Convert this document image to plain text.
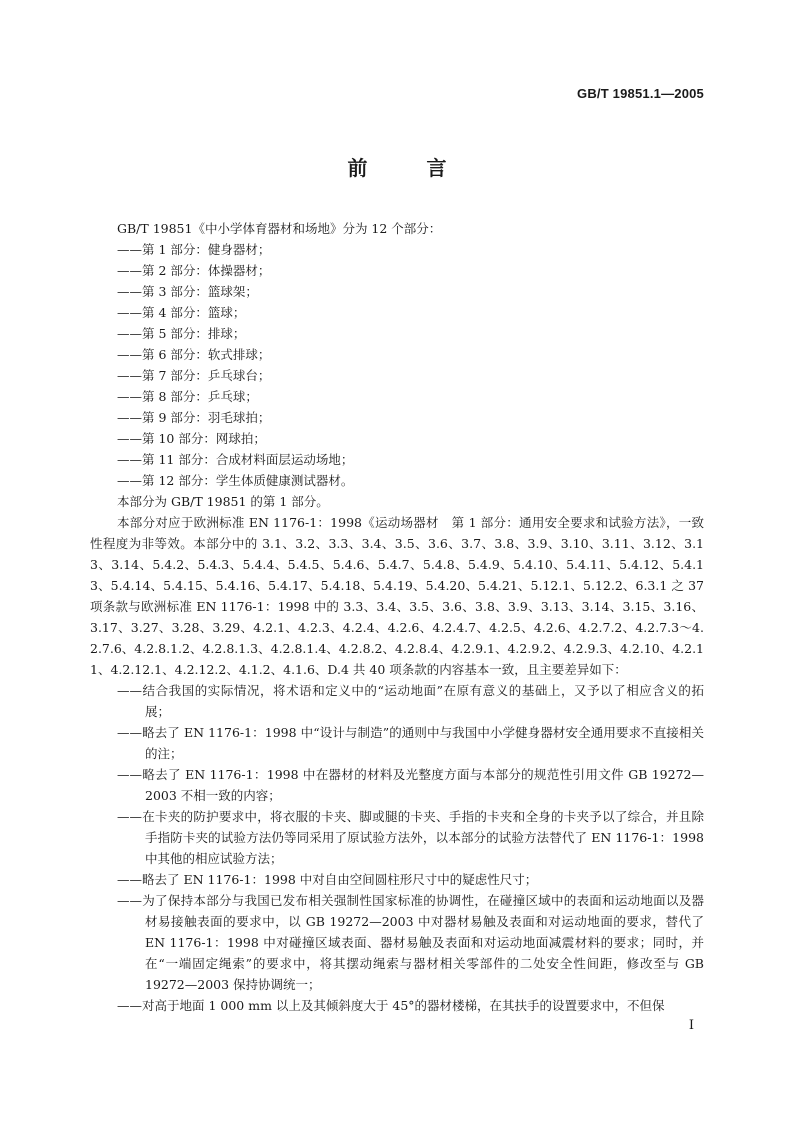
GB/T 19851.1—2005
前 言

GB/T 19851《中小学体育器材和场地》分为 12 个部分：

——第 1 部分：健身器材；

——第 2 部分：体操器材；

——第 3 部分：篮球架；

——第 4 部分：篮球；

——第 5 部分：排球；

——第 6 部分：软式排球；

——第 7 部分：乒乓球台；

——第 8 部分：乒乓球；

——第 9 部分：羽毛球拍；

——第 10 部分：网球拍；

——第 11 部分：合成材料面层运动场地；

——第 12 部分：学生体质健康测试器材。

本部分为 GB/T 19851 的第 1 部分。

本部分对应于欧洲标准 EN 1176-1：1998《运动场器材　第 1 部分：通用安全要求和试验方法》，一致性程度为非等效。本部分中的 3.1、3.2、3.3、3.4、3.5、3.6、3.7、3.8、3.9、3.10、3.11、3.12、3.13、3.14、5.4.2、5.4.3、5.4.4、5.4.5、5.4.6、5.4.7、5.4.8、5.4.9、5.4.10、5.4.11、5.4.12、5.4.13、5.4.14、5.4.15、5.4.16、5.4.17、5.4.18、5.4.19、5.4.20、5.4.21、5.12.1、5.12.2、6.3.1 之 37 项条款与欧洲标准 EN 1176-1：1998 中的 3.3、3.4、3.5、3.6、3.8、3.9、3.13、3.14、3.15、3.16、3.17、3.27、3.28、3.29、4.2.1、4.2.3、4.2.4、4.2.6、4.2.4.7、4.2.5、4.2.6、4.2.7.2、4.2.7.3～4.2.7.6、4.2.8.1.2、4.2.8.1.3、4.2.8.1.4、4.2.8.2、4.2.8.4、4.2.9.1、4.2.9.2、4.2.9.3、4.2.10、4.2.11、4.2.12.1、4.2.12.2、4.1.2、4.1.6、D.4 共 40 项条款的内容基本一致，且主要差异如下：

——结合我国的实际情况，将术语和定义中的“运动地面”在原有意义的基础上，又予以了相应含义的拓展；

——略去了 EN 1176-1：1998 中“设计与制造”的通则中与我国中小学健身器材安全通用要求不直接相关的注；

——略去了 EN 1176-1：1998 中在器材的材料及光整度方面与本部分的规范性引用文件 GB 19272—2003 不相一致的内容；

——在卡夹的防护要求中，将衣服的卡夹、脚或腿的卡夹、手指的卡夹和全身的卡夹予以了综合，并且除手指防卡夹的试验方法仍等同采用了原试验方法外，以本部分的试验方法替代了 EN 1176-1：1998 中其他的相应试验方法；

——略去了 EN 1176-1：1998 中对自由空间圆柱形尺寸中的疑虑性尺寸；

——为了保持本部分与我国已发布相关强制性国家标准的协调性，在碰撞区域中的表面和运动地面以及器材易接触表面的要求中，以 GB 19272—2003 中对器材易触及表面和对运动地面的要求，替代了 EN 1176-1：1998 中对碰撞区域表面、器材易触及表面和对运动地面减震材料的要求；同时，并在“一端固定绳索”的要求中，将其摆动绳索与器材相关零部件的二处安全性间距，修改至与 GB 19272—2003 保持协调统一；

——对高于地面 1 000 mm 以上及其倾斜度大于 45°的器材楼梯，在其扶手的设置要求中，不但保

I
